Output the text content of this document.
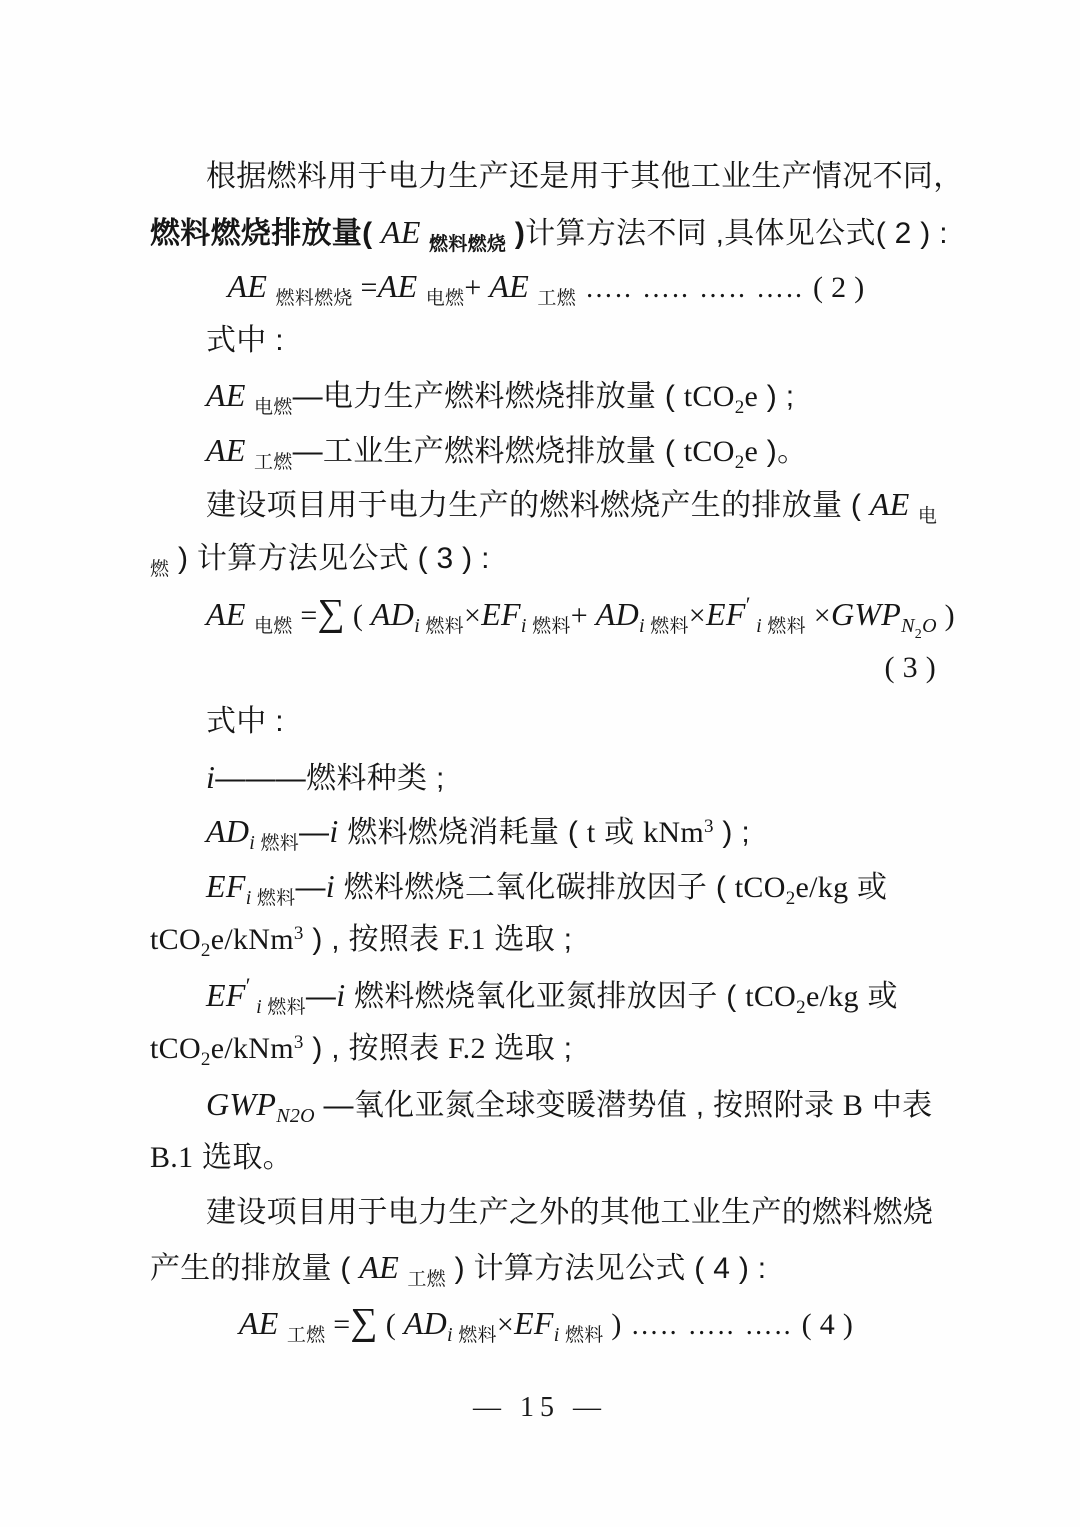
根据燃料用于电力生产还是用于其他工业生产情况不同，
燃料燃烧排放量( AE $_{燃料燃烧}$ )计算方法不同 ,具体见公式( 2 ) :
AE $_{燃料燃烧}$ =AE $_{电燃}$+ AE $_{工燃}$ ….. ….. ….. ….. ( 2 )
式中 :
AE $_{电燃}$—电力生产燃料燃烧排放量 ( tCO$_2$e ) ;
AE $_{工燃}$—工业生产燃料燃烧排放量 ( tCO$_2$e )。
建设项目用于电力生产的燃料燃烧产生的排放量 ( AE $_电$
$_燃$ ) 计算方法见公式 ( 3 ) :
AE $_{电燃}$ =∑ ( $AD_i$ $_{燃料}\times EF_i$ $_{燃料}+ AD_i$ $_{燃料}$×EF′ $_i$ $_{燃料} \times GWP_{N2O}$ )
( 3 )
式中 :
i———燃料种类 ;
$AD_i$ $_{燃料}$—i 燃料燃烧消耗量 ( t 或 kNm$^3$ ) ;
$EF_i$ $_{燃料}$—i 燃料燃烧二氧化碳排放因子 ( tCO$_2$e/kg 或
tCO$_2$e/kNm$^3$ ) , 按照表 F.1 选取 ;
EF′ $_i$ $_{燃料}$—i 燃料燃烧氧化亚氮排放因子 ( tCO$_2$e/kg 或
tCO$_2$e/kNm$^3$ ) , 按照表 F.2 选取 ;
$GWP_{N2O}$ —氧化亚氮全球变暖潜势值 , 按照附录 B 中表
B.1 选取。
建设项目用于电力生产之外的其他工业生产的燃料燃烧
产生的排放量 ( AE $_{工燃}$ ) 计算方法见公式 ( 4 ) :
AE $_{工燃}$ =∑ ( $AD_i$ $_{燃料}\times EF_i$ $_{燃料}$ ) ….. ….. ….. ( 4 )
— 15 —
